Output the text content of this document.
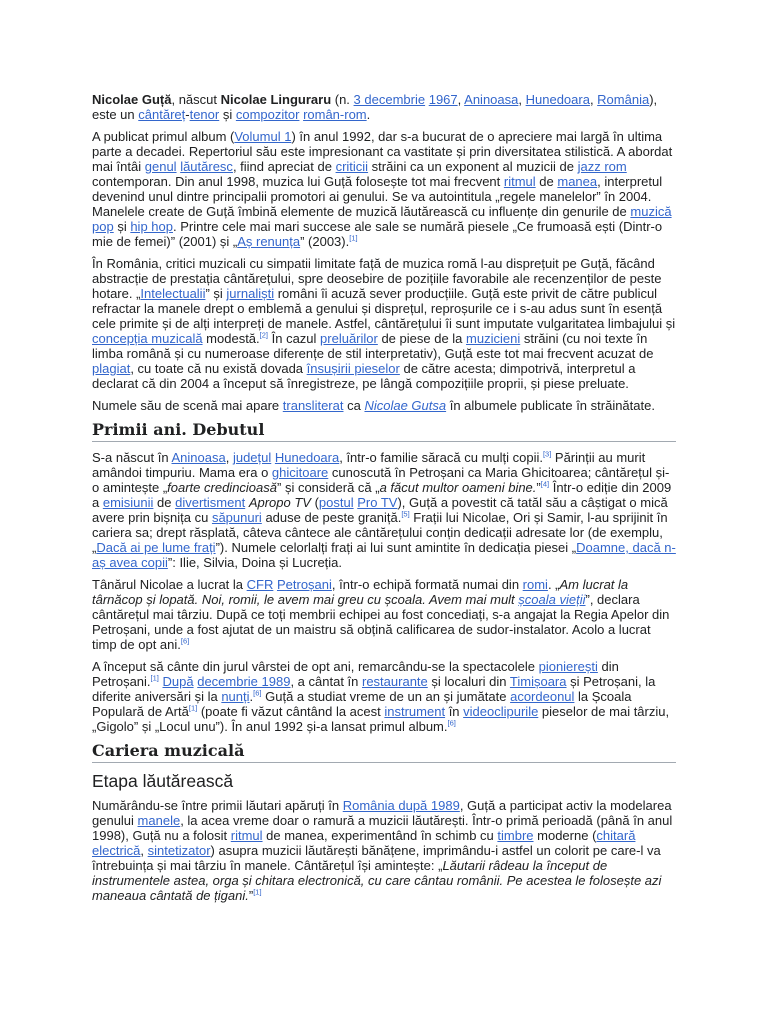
Nicolae Guță, născut Nicolae Linguraru (n. 3 decembrie 1967, Aninoasa, Hunedoara, România), este un cântăreț-tenor și compozitor român-rom.

A publicat primul album (Volumul 1) în anul 1992, dar s-a bucurat de o apreciere mai largă în ultima parte a decadei. Repertoriul său este impresionant ca vastitate și prin diversitatea stilistică. A abordat mai întâi genul lăutăresc, fiind apreciat de criticii străini ca un exponent al muzicii de jazz rom contemporan. Din anul 1998, muzica lui Guță folosește tot mai frecvent ritmul de manea, interpretul devenind unul dintre principalii promotori ai genului. Se va autointitula „regele manelelor” în 2004. Manelele create de Guță îmbină elemente de muzică lăutărească cu influențe din genurile de muzică pop și hip hop. Printre cele mai mari succese ale sale se numără piesele „Ce frumoasă ești (Dintr-o mie de femei)” (2001) și „Aș renunța” (2003).[1]

În România, critici muzicali cu simpatii limitate față de muzica romă l-au disprețuit pe Guță, făcând abstracție de prestația cântărețului, spre deosebire de pozițiile favorabile ale recenzenților de peste hotare. „Intelectualii” și jurnaliști români îi acuză sever producțiile. Guță este privit de către publicul refractar la manele drept o emblemă a genului și disprețul, reproșurile ce i s-au adus sunt în esență cele primite și de alți interpreți de manele. Astfel, cântărețului îi sunt imputate vulgaritatea limbajului și concepția muzicală modestă.[2] În cazul preluărilor de piese de la muzicieni străini (cu noi texte în limba română și cu numeroase diferențe de stil interpretativ), Guță este tot mai frecvent acuzat de plagiat, cu toate că nu există dovada însușirii pieselor de către acesta; dimpotrivă, interpretul a declarat că din 2004 a început să înregistreze, pe lângă compozițiile proprii, și piese preluate.

Numele său de scenă mai apare transliterat ca Nicolae Gutsa în albumele publicate în străinătate.

Primii ani. Debutul

S-a născut în Aninoasa, județul Hunedoara, într-o familie săracă cu mulți copii.[3] Părinții au murit amândoi timpuriu. Mama era o ghicitoare cunoscută în Petroșani ca Maria Ghicitoarea; cântărețul și-o amintește „foarte credincioasă” și consideră că „a făcut multor oameni bine.”[4] Într-o ediție din 2009 a emisiunii de divertisment Apropo TV (postul Pro TV), Guță a povestit că tatăl său a câștigat o mică avere prin bișnița cu săpunuri aduse de peste graniță.[5] Frații lui Nicolae, Ori și Samir, l-au sprijinit în cariera sa; drept răsplată, câteva cântece ale cântărețului conțin dedicații adresate lor (de exemplu, „Dacă ai pe lume frați”). Numele celorlalți frați ai lui sunt amintite în dedicația piesei „Doamne, dacă n-aș avea copii”: Ilie, Silvia, Doina și Lucreția.

Tânărul Nicolae a lucrat la CFR Petroșani, într-o echipă formată numai din romi. „Am lucrat la târnăcop și lopată. Noi, romii, le avem mai greu cu școala. Avem mai mult școala vieții”, declara cântărețul mai târziu. După ce toți membrii echipei au fost concediați, s-a angajat la Regia Apelor din Petroșani, unde a fost ajutat de un maistru să obțină calificarea de sudor-instalator. Acolo a lucrat timp de opt ani.[6]

A început să cânte din jurul vârstei de opt ani, remarcându-se la spectacolele pionierești din Petroșani.[1] După decembrie 1989, a cântat în restaurante și localuri din Timișoara și Petroșani, la diferite aniversări și la nunți.[6] Guță a studiat vreme de un an și jumătate acordeonul la Școala Populară de Artă[1] (poate fi văzut cântând la acest instrument în videoclipurile pieselor de mai târziu, „Gigolo” și „Locul unu”). În anul 1992 și-a lansat primul album.[6]

Cariera muzicală
Etapa lăutărească

Numărându-se între primii lăutari apăruți în România după 1989, Guță a participat activ la modelarea genului manele, la acea vreme doar o ramură a muzicii lăutărești. Într-o primă perioadă (până în anul 1998), Guță nu a folosit ritmul de manea, experimentând în schimb cu timbre moderne (chitară electrică, sintetizator) asupra muzicii lăutărești bănățene, imprimându-i astfel un colorit pe care-l va întrebuința și mai târziu în manele. Cântărețul își amintește: „Lăutarii râdeau la început de instrumentele astea, orga și chitara electronică, cu care cântau românii. Pe acestea le folosește azi maneaua cântată de țigani.”[1]
